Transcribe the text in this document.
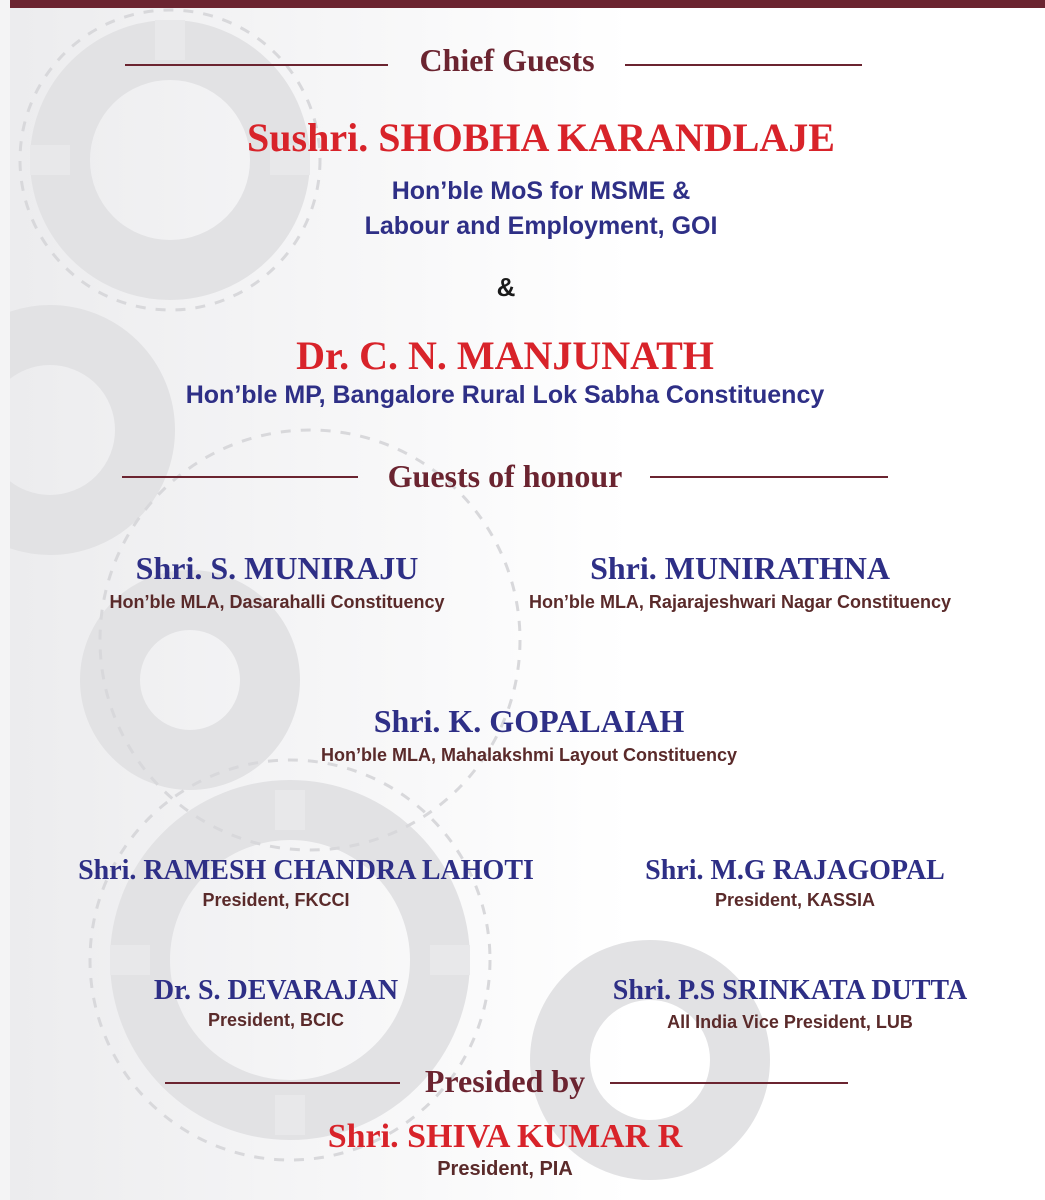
Chief Guests
Sushri. SHOBHA KARANDLAJE
Hon’ble MoS for MSME &
Labour and Employment, GOI
&
Dr. C. N. MANJUNATH
Hon’ble MP, Bangalore Rural Lok Sabha Constituency
Guests of honour
Shri. S. MUNIRAJU
Hon’ble MLA, Dasarahalli Constituency
Shri. MUNIRATHNA
Hon’ble MLA, Rajarajeshwari Nagar Constituency
Shri. K. GOPALAIAH
Hon’ble MLA, Mahalakshmi Layout Constituency
Shri. RAMESH CHANDRA LAHOTI
President, FKCCI
Shri. M.G RAJAGOPAL
President, KASSIA
Dr. S. DEVARAJAN
President, BCIC
Shri. P.S SRINKATA DUTTA
All India Vice President, LUB
Presided by
Shri. SHIVA KUMAR R
President, PIA
